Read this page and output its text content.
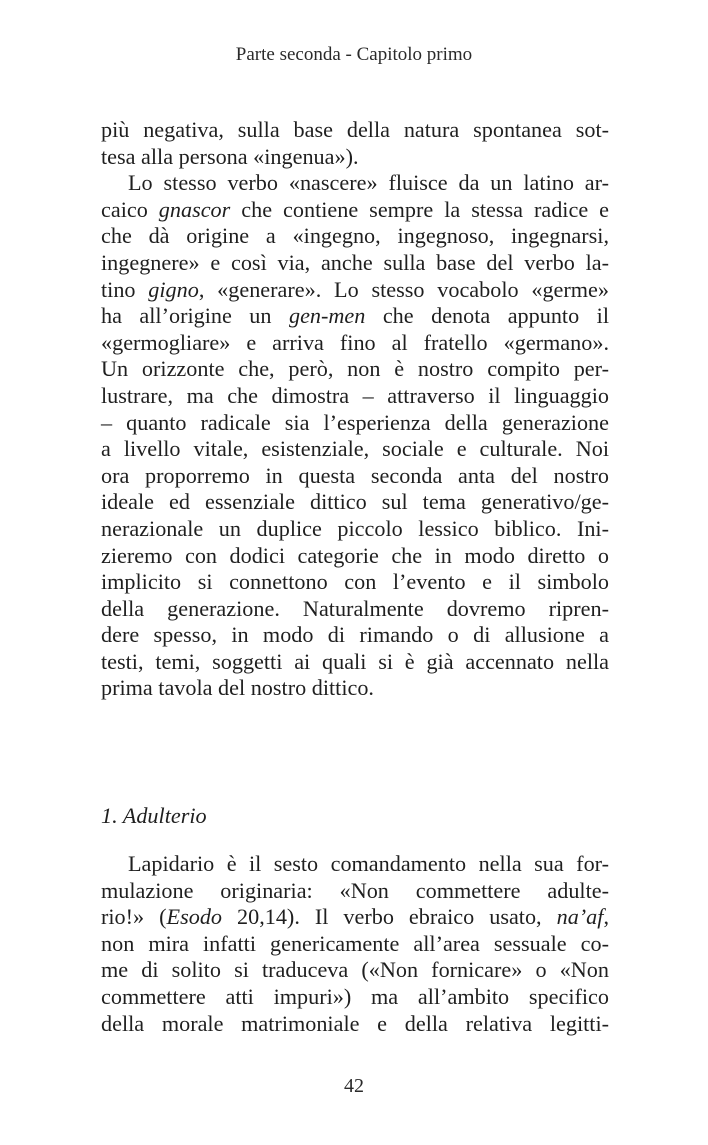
Parte seconda - Capitolo primo
più negativa, sulla base della natura spontanea sot-
tesa alla persona «ingenua»).
Lo stesso verbo «nascere» fluisce da un latino ar-
caico gnascor che contiene sempre la stessa radice e
che dà origine a «ingegno, ingegnoso, ingegnarsi,
ingegnere» e così via, anche sulla base del verbo la-
tino gigno, «generare». Lo stesso vocabolo «germe»
ha all’origine un gen-men che denota appunto il
«germogliare» e arriva fino al fratello «germano».
Un orizzonte che, però, non è nostro compito per-
lustrare, ma che dimostra – attraverso il linguaggio
– quanto radicale sia l’esperienza della generazione
a livello vitale, esistenziale, sociale e culturale. Noi
ora proporremo in questa seconda anta del nostro
ideale ed essenziale dittico sul tema generativo/ge-
nerazionale un duplice piccolo lessico biblico. Ini-
zieremo con dodici categorie che in modo diretto o
implicito si connettono con l’evento e il simbolo
della generazione. Naturalmente dovremo ripren-
dere spesso, in modo di rimando o di allusione a
testi, temi, soggetti ai quali si è già accennato nella
prima tavola del nostro dittico.
1. Adulterio
Lapidario è il sesto comandamento nella sua for-
mulazione originaria: «Non commettere adulte-
rio!» (Esodo 20,14). Il verbo ebraico usato, na’af,
non mira infatti genericamente all’area sessuale co-
me di solito si traduceva («Non fornicare» o «Non
commettere atti impuri») ma all’ambito specifico
della morale matrimoniale e della relativa legitti-
42
